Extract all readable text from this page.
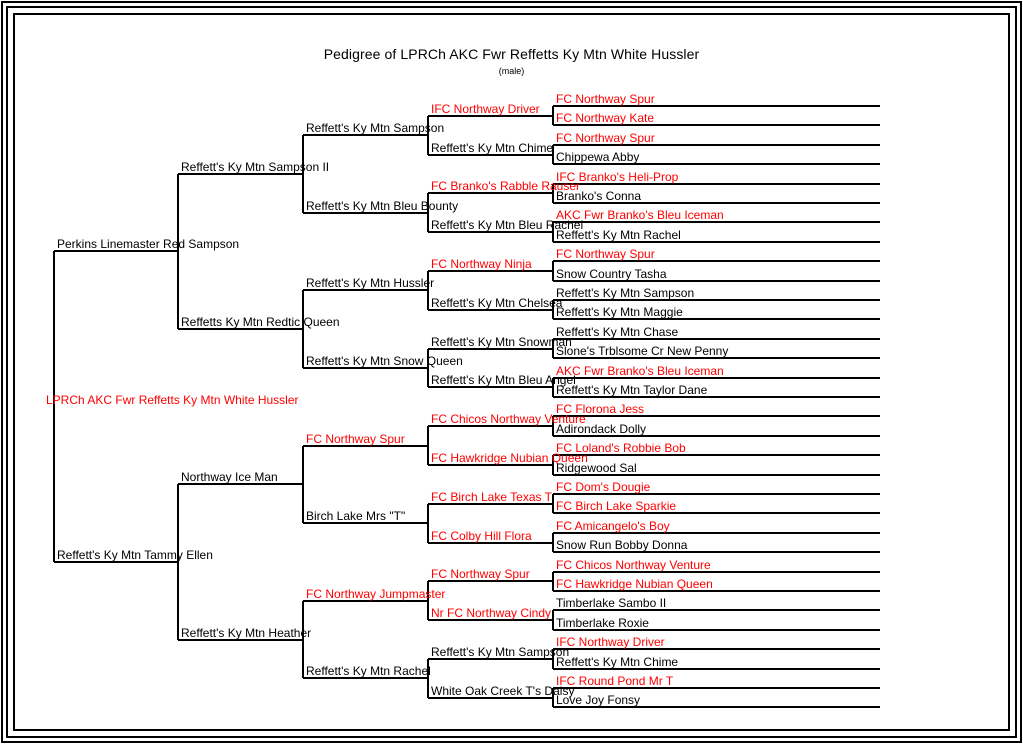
Pedigree of LPRCh AKC Fwr Reffetts Ky Mtn White Hussler
(male)
LPRCh AKC Fwr Reffetts Ky Mtn White Hussler
Perkins Linemaster Red Sampson
Reffett's Ky Mtn Tammy Ellen
Reffett's Ky Mtn Sampson II
Reffetts Ky Mtn Redtic Queen
Northway Ice Man
Reffett's Ky Mtn Heather
Reffett's Ky Mtn Sampson
Reffett's Ky Mtn Bleu Bounty
Reffett's Ky Mtn Hussler
Reffett's Ky Mtn Snow Queen
FC Northway Spur
Birch Lake Mrs "T"
FC Northway Jumpmaster
Reffett's Ky Mtn Rachel
IFC Northway Driver
Reffett's Ky Mtn Chime
FC Branko's Rabble Rauser
Reffett's Ky Mtn Bleu Rachel
FC Northway Ninja
Reffett's Ky Mtn Chelsea
Reffett's Ky Mtn Snowman
Reffett's Ky Mtn Bleu Angel
FC Chicos Northway Venture
FC Hawkridge Nubian Queen
FC Birch Lake Texas T
FC Colby Hill Flora
FC Northway Spur
Nr FC Northway Cindy
Reffett's Ky Mtn Sampson
White Oak Creek T's Daisy
FC Northway Spur
FC Northway Kate
FC Northway Spur
Chippewa Abby
IFC Branko's Heli-Prop
Branko's Conna
AKC Fwr Branko's Bleu Iceman
Reffett's Ky Mtn Rachel
FC Northway Spur
Snow Country Tasha
Reffett's Ky Mtn Sampson
Reffett's Ky Mtn Maggie
Reffett's Ky Mtn Chase
Slone's Trblsome Cr New Penny
AKC Fwr Branko's Bleu Iceman
Reffett's Ky Mtn Taylor Dane
FC Florona Jess
Adirondack Dolly
FC Loland's Robbie Bob
Ridgewood Sal
FC Dom's Dougie
FC Birch Lake Sparkie
FC Amicangelo's Boy
Snow Run Bobby Donna
FC Chicos Northway Venture
FC Hawkridge Nubian Queen
Timberlake Sambo II
Timberlake Roxie
IFC Northway Driver
Reffett's Ky Mtn Chime
IFC Round Pond Mr T
Love Joy Fonsy
